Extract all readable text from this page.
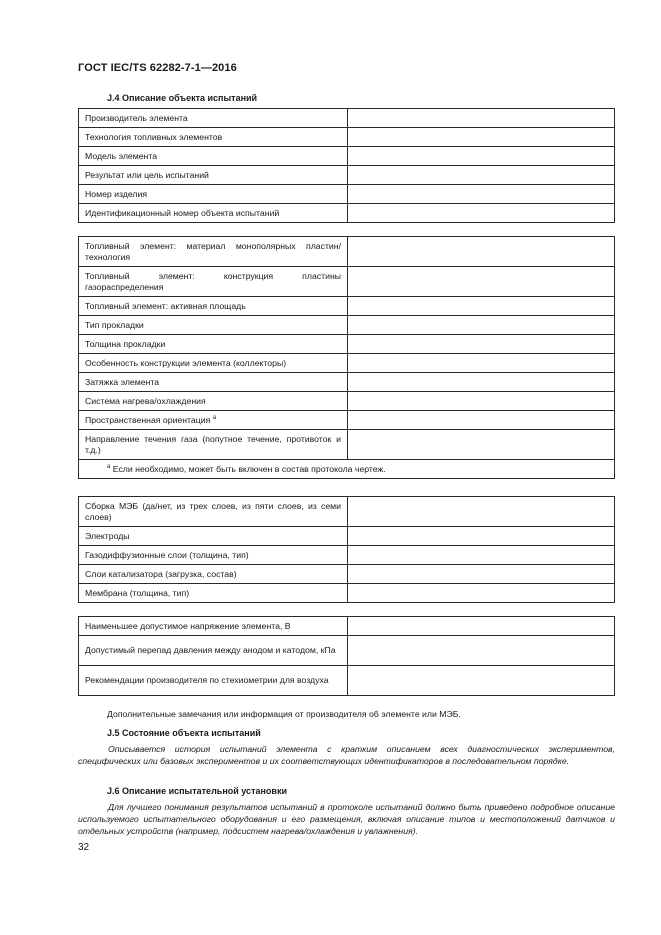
ГОСТ IEC/TS 62282-7-1—2016
J.4 Описание объекта испытаний
Производитель элемента	
Технология топливных элементов	
Модель элемента	
Результат или цель испытаний	
Номер изделия	
Идентификационный номер объекта испытаний	
Топливный элемент: материал монополярных пластин/технология	
Топливный элемент: конструкция пластины газораспределения	
Топливный элемент: активная площадь	
Тип прокладки	
Толщина прокладки	
Особенность конструкции элемента (коллекторы)	
Затяжка элемента	
Система нагрева/охлаждения	
Пространственная ориентация $^a$	
Направление течения газа (попутное течение, противоток и т.д.)	
$^a$ Если необходимо, может быть включен в состав протокола чертеж.	
Сборка МЭБ (да/нет, из трех слоев, из пяти слоев, из семи слоев)	
Электроды	
Газодиффузионные слои (толщина, тип)	
Слои катализатора (загрузка, состав)	
Мембрана (толщина, тип)	
Наименьшее допустимое напряжение элемента, В	
Допустимый перепад давления между анодом и катодом, кПа	
Рекомендации производителя по стехиометрии для воздуха	
Дополнительные замечания или информация от производителя об элементе или МЭБ.
J.5 Состояние объекта испытаний
Описывается история испытаний элемента с кратким описанием всех диагностических экспериментов, специфических или базовых экспериментов и их соответствующих идентификаторов в последовательном порядке.
J.6 Описание испытательной установки
Для лучшего понимания результатов испытаний в протоколе испытаний должно быть приведено подробное описание используемого испытательного оборудования и его размещения, включая описание типов и местоположений датчиков и отдельных устройств (например, подсистем нагрева/охлаждения и увлажнения).
32
